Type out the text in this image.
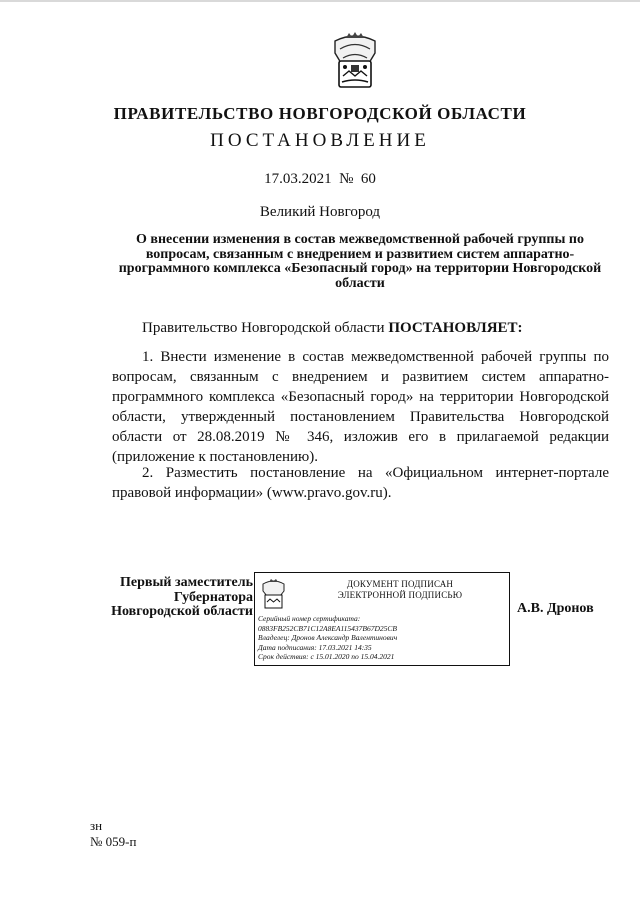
ПРАВИТЕЛЬСТВО НОВГОРОДСКОЙ ОБЛАСТИ
ПОСТАНОВЛЕНИЕ
17.03.2021 № 60
Великий Новгород
О внесении изменения в состав межведомственной рабочей группы по вопросам, связанным с внедрением и развитием систем аппаратно-программного комплекса «Безопасный город» на территории Новгородской области
Правительство Новгородской области ПОСТАНОВЛЯЕТ:
1. Внести изменение в состав межведомственной рабочей группы по вопросам, связанным с внедрением и развитием систем аппаратно-программного комплекса «Безопасный город» на территории Новгородской области, утвержденный постановлением Правительства Новгородской области от 28.08.2019 № 346, изложив его в прилагаемой редакции (приложение к постановлению).
2. Разместить постановление на «Официальном интернет-портале правовой информации» (www.pravo.gov.ru).
Первый заместитель
Губернатора
Новгородской области
ДОКУМЕНТ ПОДПИСАН
ЭЛЕКТРОННОЙ ПОДПИСЬЮ
Серийный номер сертификата:
0883FB252CB71C12A8EA115437B67D25CB
Владелец: Дронов Александр Валентинович
Дата подписания: 17.03.2021 14:35
Срок действия: с 15.01.2020 по 15.04.2021
А.В. Дронов
зн
№ 059-п
